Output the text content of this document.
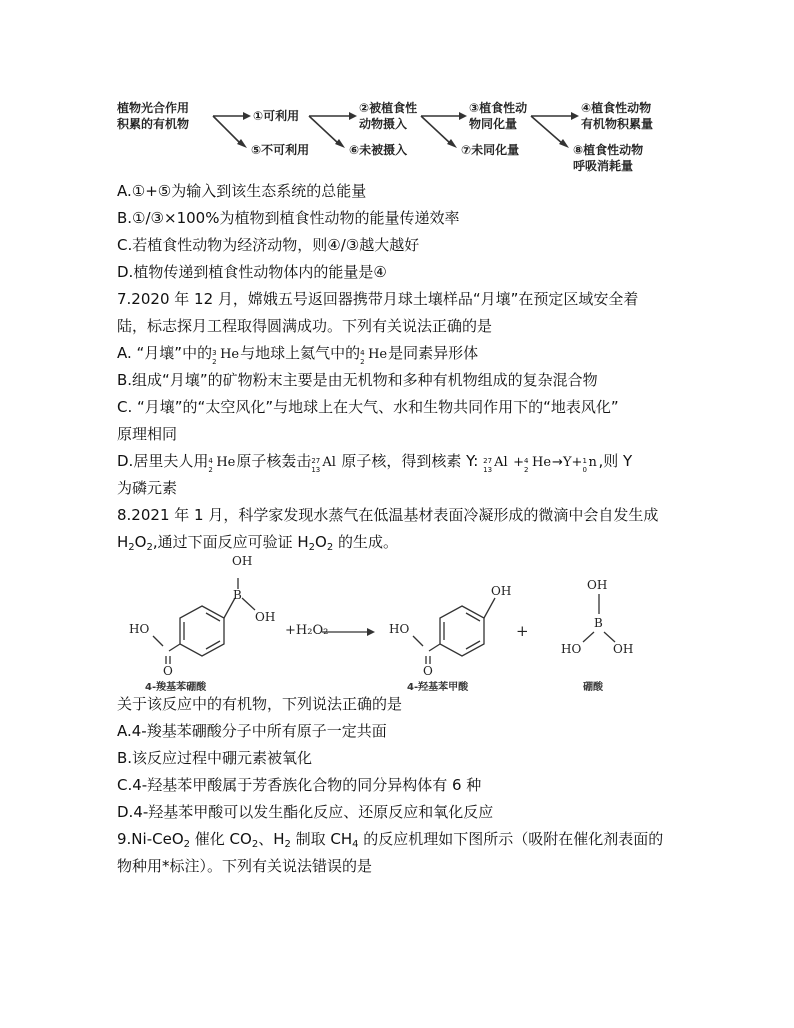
植物光合作用
积累的有机物
①可利用
②被植食性
动物摄入
③植食性动
物同化量
④植食性动物
有机物积累量
⑤不可利用	⑥未被摄入	⑦未同化量	⑧植食性动物
呼吸消耗量
A.①+⑤为输入到该生态系统的总能量
B.①/③×100%为植物到植食性动物的能量传递效率
C.若植食性动物为经济动物，则④/③越大越好
D.植物传递到植食性动物体内的能量是④
7.2020 年 12 月，嫦娥五号返回器携带月球土壤样品“月壤”在预定区域安全着
陆，标志探月工程取得圆满成功。下列有关说法正确的是
A. “月壤”中的 3
2 He 与地球上氦气中的 4
2 He 是同素异形体
B.组成“月壤”的矿物粉末主要是由无机物和多种有机物组成的复杂混合物
C. “月壤”的“太空风化”与地球上在大气、水和生物共同作用下的“地表风化”
原理相同
D.居里夫人用 4
2 He 原子核轰击 27
13 Al 原子核，得到核素 Y: 27
13 Al + 4
2 He →Y+ 1
0 n ,则 Y
为磷元素
8.2021 年 1 月，科学家发现水蒸气在低温基材表面冷凝形成的微滴中会自发生成
$H_2O_2$,通过下面反应可验证 $H_2O_2$ 的生成。
OH
B
OH
HO
O
+H₂O₂
OH
HO
O
+
OH
B
HO	OH
4-羧基苯硼酸	4-羟基苯甲酸	硼酸
关于该反应中的有机物，下列说法正确的是
A.4-羧基苯硼酸分子中所有原子一定共面
B.该反应过程中硼元素被氧化
C.4-羟基苯甲酸属于芳香族化合物的同分异构体有 6 种
D.4-羟基苯甲酸可以发生酯化反应、还原反应和氧化反应
9.Ni-CeO$_2$ 催化 $CO_2$、$H_2$ 制取 $CH_4$ 的反应机理如下图所示（吸附在催化剂表面的
物种用*标注）。下列有关说法错误的是
